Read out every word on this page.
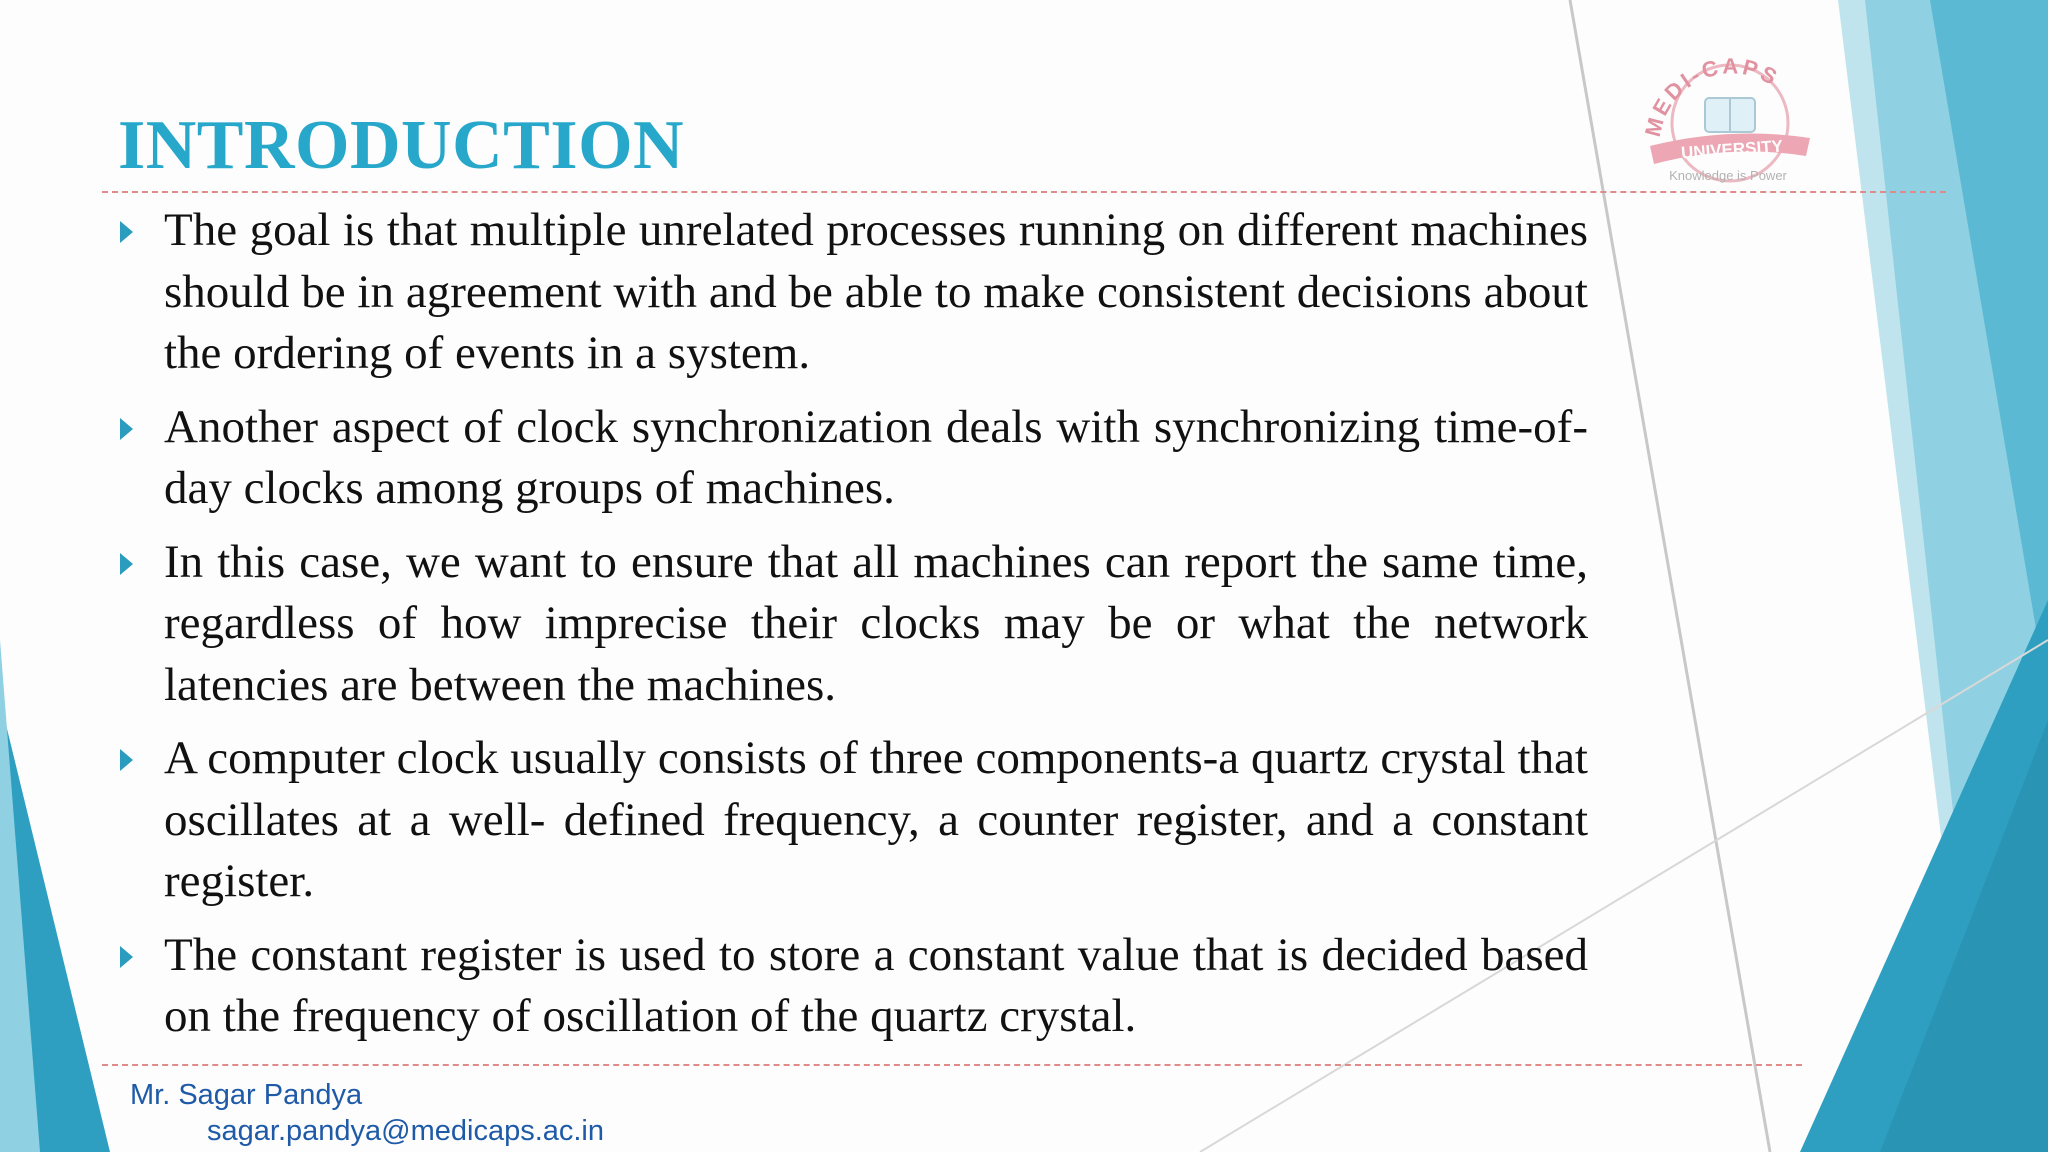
MEDI-CAPS
UNIVERSITY
Knowledge is Power
INTRODUCTION
The goal is that multiple unrelated processes running on different machines should be in agreement with and be able to make consistent decisions about the ordering of events in a system.
Another aspect of clock synchronization deals with synchronizing time-of-day clocks among groups of machines.
In this case, we want to ensure that all machines can report the same time, regardless of how imprecise their clocks may be or what the network latencies are between the machines.
A computer clock usually consists of three components-a quartz crystal that oscillates at a well- defined frequency, a counter register, and a constant register.
The constant register is used to store a constant value that is decided based on the frequency of oscillation of the quartz crystal.
Mr. Sagar Pandya
sagar.pandya@medicaps.ac.in
